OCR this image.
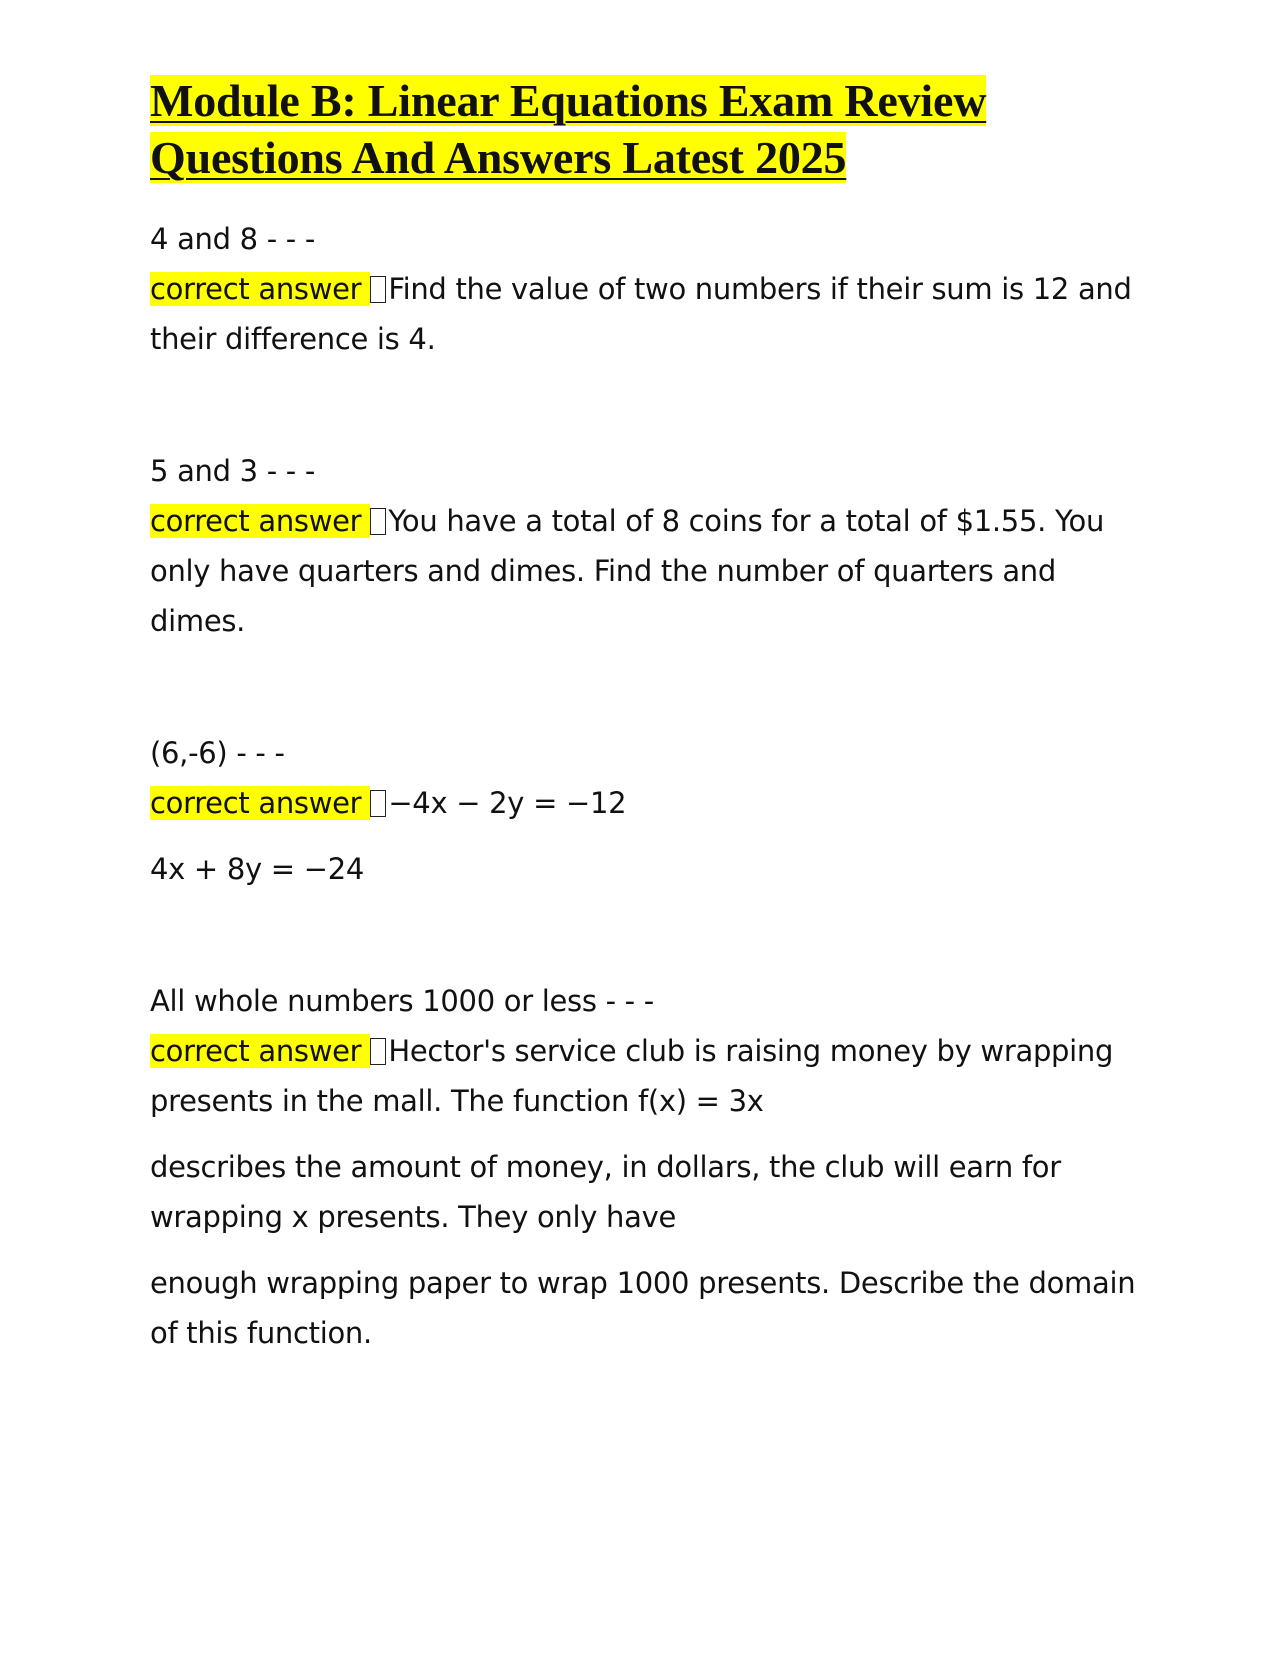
Module B: Linear Equations Exam Review Questions And Answers Latest 2025

4 and 8 - - -

correct answer Find the value of two numbers if their sum is 12 and their difference is 4.

5 and 3 - - -

correct answer You have a total of 8 coins for a total of $1.55. You only have quarters and dimes. Find the number of quarters and dimes.

(6,-6) - - -

correct answer −4x − 2y = −12

4x + 8y = −24

All whole numbers 1000 or less - - -

correct answer Hector's service club is raising money by wrapping presents in the mall. The function f(x) = 3x

describes the amount of money, in dollars, the club will earn for wrapping x presents. They only have

enough wrapping paper to wrap 1000 presents. Describe the domain of this function.
